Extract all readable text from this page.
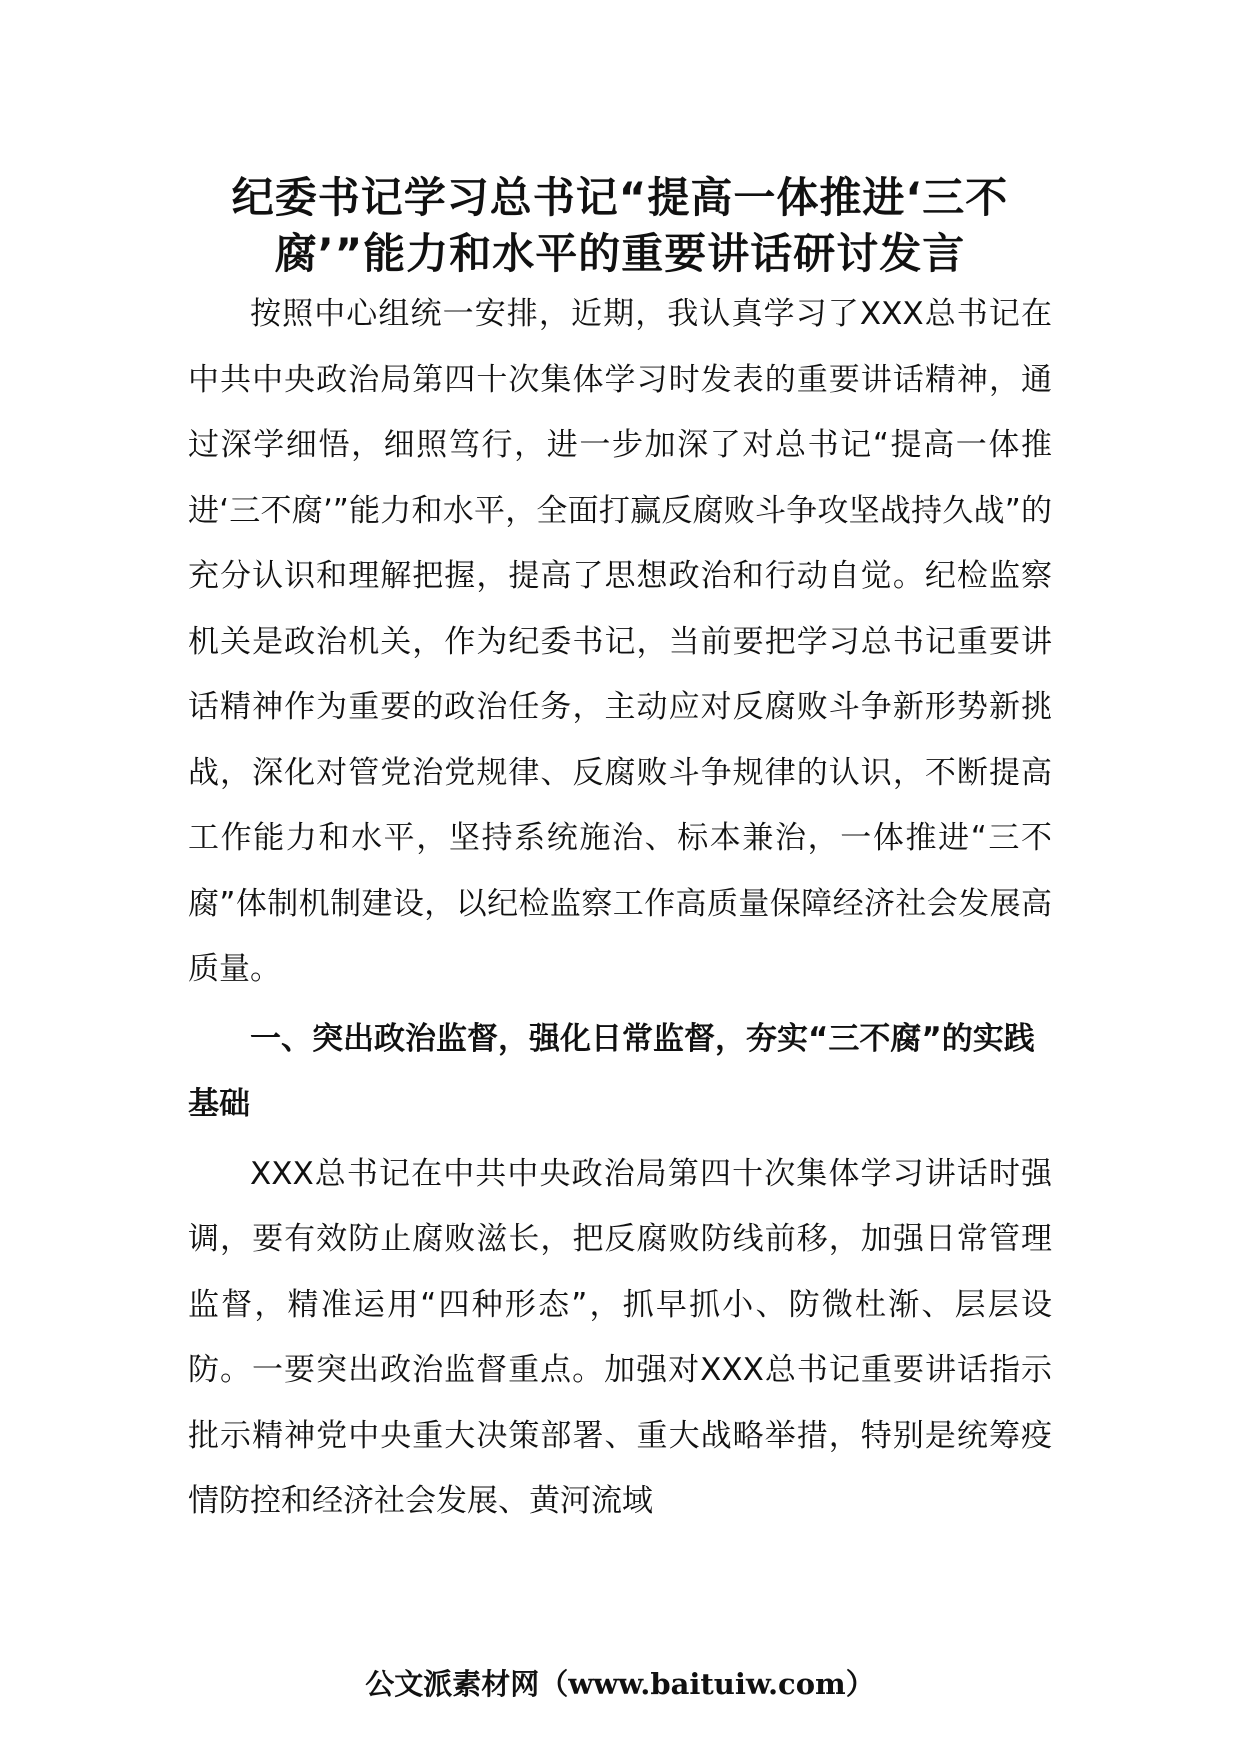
纪委书记学习总书记“提高一体推进‘三不腐’”能力和水平的重要讲话研讨发言

按照中心组统一安排，近期，我认真学习了XXX总书记在中共中央政治局第四十次集体学习时发表的重要讲话精神，通过深学细悟，细照笃行，进一步加深了对总书记“提高一体推进‘三不腐’”能力和水平，全面打赢反腐败斗争攻坚战持久战”的充分认识和理解把握，提高了思想政治和行动自觉。纪检监察机关是政治机关，作为纪委书记，当前要把学习总书记重要讲话精神作为重要的政治任务，主动应对反腐败斗争新形势新挑战，深化对管党治党规律、反腐败斗争规律的认识，不断提高工作能力和水平，坚持系统施治、标本兼治，一体推进“三不腐”体制机制建设，以纪检监察工作高质量保障经济社会发展高质量。

一、突出政治监督，强化日常监督，夯实“三不腐”的实践基础

XXX总书记在中共中央政治局第四十次集体学习讲话时强调，要有效防止腐败滋长，把反腐败防线前移，加强日常管理监督，精准运用“四种形态”，抓早抓小、防微杜渐、层层设防。一要突出政治监督重点。加强对XXX总书记重要讲话指示批示精神党中央重大决策部署、重大战略举措，特别是统筹疫情防控和经济社会发展、黄河流域

公文派素材网（www.baituiw.com）
